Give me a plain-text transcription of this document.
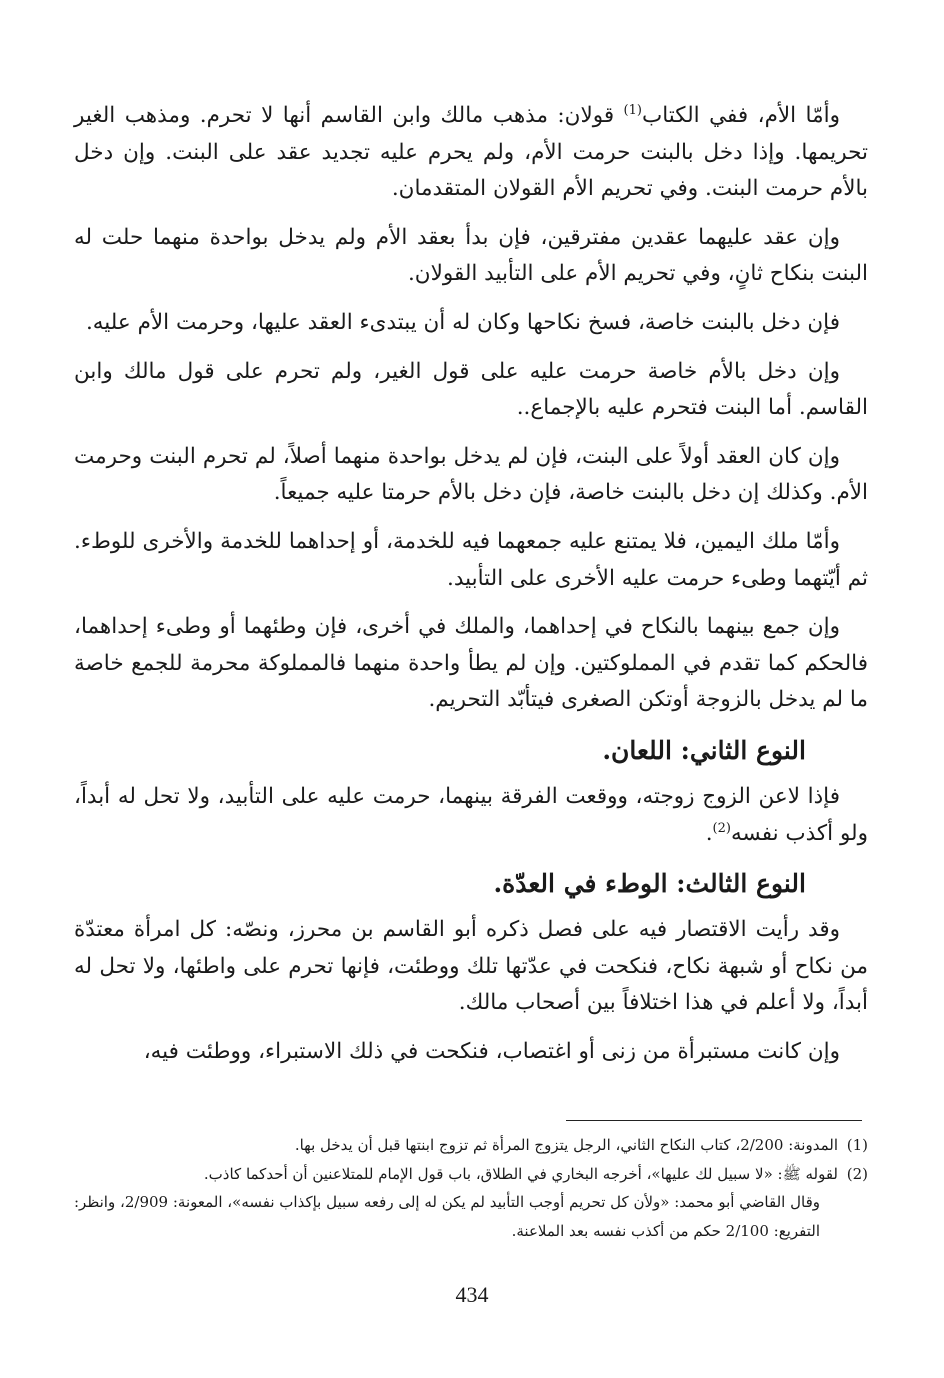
وأمّا الأم، ففي الكتاب$^{(1)}$ قولان: مذهب مالك وابن القاسم أنها لا تحرم. ومذهب الغير تحريمها. وإذا دخل بالبنت حرمت الأم، ولم يحرم عليه تجديد عقد على البنت. وإن دخل بالأم حرمت البنت. وفي تحريم الأم القولان المتقدمان.

وإن عقد عليهما عقدين مفترقين، فإن بدأ بعقد الأم ولم يدخل بواحدة منهما حلت له البنت بنكاح ثانٍ، وفي تحريم الأم على التأبيد القولان.

فإن دخل بالبنت خاصة، فسخ نكاحها وكان له أن يبتدىء العقد عليها، وحرمت الأم عليه.

وإن دخل بالأم خاصة حرمت عليه على قول الغير، ولم تحرم على قول مالك وابن القاسم. أما البنت فتحرم عليه بالإجماع..

وإن كان العقد أولاً على البنت، فإن لم يدخل بواحدة منهما أصلاً، لم تحرم البنت وحرمت الأم. وكذلك إن دخل بالبنت خاصة، فإن دخل بالأم حرمتا عليه جميعاً.

وأمّا ملك اليمين، فلا يمتنع عليه جمعهما فيه للخدمة، أو إحداهما للخدمة والأخرى للوطء. ثم أيّتهما وطىء حرمت عليه الأخرى على التأبيد.

وإن جمع بينهما بالنكاح في إحداهما، والملك في أخرى، فإن وطئهما أو وطىء إحداهما، فالحكم كما تقدم في المملوكتين. وإن لم يطأ واحدة منهما فالمملوكة محرمة للجمع خاصة ما لم يدخل بالزوجة أوتكن الصغرى فيتأبّد التحريم.

النوع الثاني: اللعان.

فإذا لاعن الزوج زوجته، ووقعت الفرقة بينهما، حرمت عليه على التأبيد، ولا تحل له أبداً، ولو أكذب نفسه$^{(2)}$.

النوع الثالث: الوطء في العدّة.

وقد رأيت الاقتصار فيه على فصل ذكره أبو القاسم بن محرز، ونصّه: كل امرأة معتدّة من نكاح أو شبهة نكاح، فنكحت في عدّتها تلك ووطئت، فإنها تحرم على واطئها، ولا تحل له أبداً، ولا أعلم في هذا اختلافاً بين أصحاب مالك.

وإن كانت مستبرأة من زنى أو اغتصاب، فنكحت في ذلك الاستبراء، ووطئت فيه،

(1)
المدونة: 2/200، كتاب النكاح الثاني، الرجل يتزوج المرأة ثم تزوج ابنتها قبل أن يدخل بها.
(2)
لقوله ﷺ: «لا سبيل لك عليها»، أخرجه البخاري في الطلاق، باب قول الإمام للمتلاعنين أن أحدكما كاذب.

وقال القاضي أبو محمد: «ولأن كل تحريم أوجب التأبيد لم يكن له إلى رفعه سبيل بإكذاب نفسه»، المعونة: 2/909، وانظر: التفريع: 2/100 حكم من أكذب نفسه بعد الملاعنة.

434
